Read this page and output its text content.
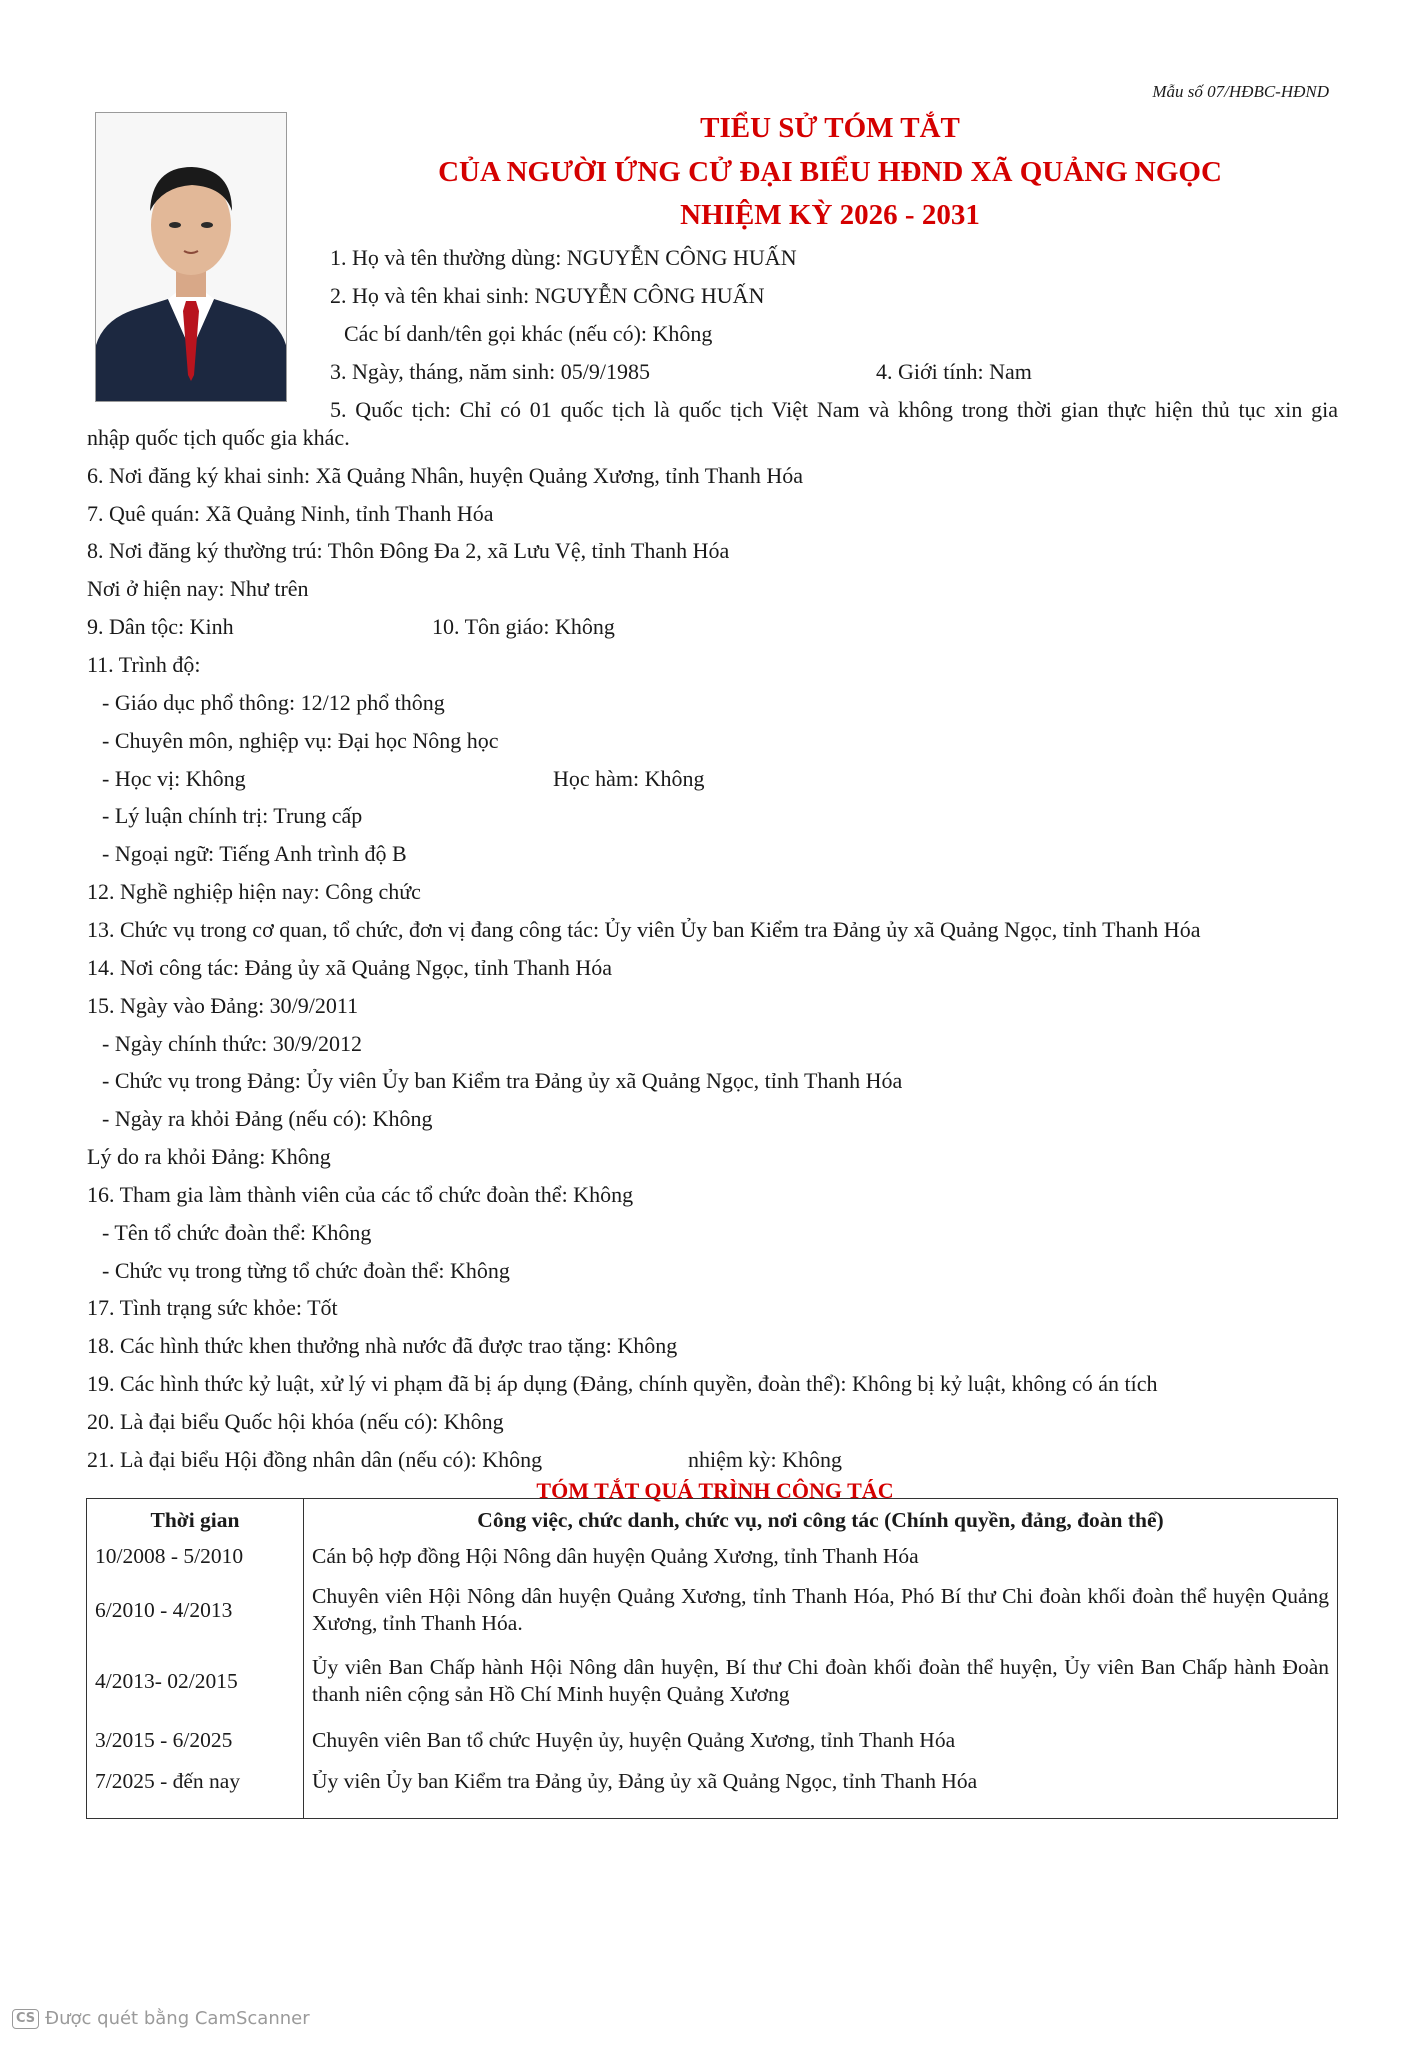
Mẫu số 07/HĐBC-HĐND
TIỂU SỬ TÓM TẮT
CỦA NGƯỜI ỨNG CỬ ĐẠI BIỂU HĐND XÃ QUẢNG NGỌC
NHIỆM KỲ 2026 - 2031
1. Họ và tên thường dùng: NGUYỄN CÔNG HUẤN
2. Họ và tên khai sinh: NGUYỄN CÔNG HUẤN
Các bí danh/tên gọi khác (nếu có): Không
3. Ngày, tháng, năm sinh: 05/9/1985	4. Giới tính: Nam
5. Quốc tịch: Chỉ có 01 quốc tịch là quốc tịch Việt Nam và không trong thời gian thực hiện thủ tục xin gia
nhập quốc tịch quốc gia khác.
6. Nơi đăng ký khai sinh: Xã Quảng Nhân, huyện Quảng Xương, tỉnh Thanh Hóa
7. Quê quán: Xã Quảng Ninh, tỉnh Thanh Hóa
8. Nơi đăng ký thường trú: Thôn Đông Đa 2, xã Lưu Vệ, tỉnh Thanh Hóa
Nơi ở hiện nay: Như trên
9. Dân tộc: Kinh	10. Tôn giáo: Không
11. Trình độ:
- Giáo dục phổ thông: 12/12 phổ thông
- Chuyên môn, nghiệp vụ: Đại học Nông học
- Học vị: Không	Học hàm: Không
- Lý luận chính trị: Trung cấp
- Ngoại ngữ: Tiếng Anh trình độ B
12. Nghề nghiệp hiện nay: Công chức
13. Chức vụ trong cơ quan, tổ chức, đơn vị đang công tác: Ủy viên Ủy ban Kiểm tra Đảng ủy xã Quảng Ngọc, tỉnh Thanh Hóa
14. Nơi công tác: Đảng ủy xã Quảng Ngọc, tỉnh Thanh Hóa
15. Ngày vào Đảng: 30/9/2011
- Ngày chính thức: 30/9/2012
- Chức vụ trong Đảng: Ủy viên Ủy ban Kiểm tra Đảng ủy xã Quảng Ngọc, tỉnh Thanh Hóa
- Ngày ra khỏi Đảng (nếu có): Không
Lý do ra khỏi Đảng: Không
16. Tham gia làm thành viên của các tổ chức đoàn thể: Không
- Tên tổ chức đoàn thể: Không
- Chức vụ trong từng tổ chức đoàn thể: Không
17. Tình trạng sức khỏe: Tốt
18. Các hình thức khen thưởng nhà nước đã được trao tặng: Không
19. Các hình thức kỷ luật, xử lý vi phạm đã bị áp dụng (Đảng, chính quyền, đoàn thể): Không bị kỷ luật, không có án tích
20. Là đại biểu Quốc hội khóa (nếu có): Không
21. Là đại biểu Hội đồng nhân dân (nếu có): Không	nhiệm kỳ: Không
TÓM TẮT QUÁ TRÌNH CÔNG TÁC
Thời gian	Công việc, chức danh, chức vụ, nơi công tác (Chính quyền, đảng, đoàn thể)
10/2008 - 5/2010	Cán bộ hợp đồng Hội Nông dân huyện Quảng Xương, tỉnh Thanh Hóa
6/2010 - 4/2013	Chuyên viên Hội Nông dân huyện Quảng Xương, tỉnh Thanh Hóa, Phó Bí thư Chi đoàn khối đoàn thể huyện Quảng Xương, tỉnh Thanh Hóa.
4/2013- 02/2015	Ủy viên Ban Chấp hành Hội Nông dân huyện, Bí thư Chi đoàn khối đoàn thể huyện, Ủy viên Ban Chấp hành Đoàn thanh niên cộng sản Hồ Chí Minh huyện Quảng Xương
3/2015 - 6/2025	Chuyên viên Ban tổ chức Huyện ủy, huyện Quảng Xương, tỉnh Thanh Hóa
7/2025 - đến nay	Ủy viên Ủy ban Kiểm tra Đảng ủy, Đảng ủy xã Quảng Ngọc, tỉnh Thanh Hóa
CS Được quét bằng CamScanner
